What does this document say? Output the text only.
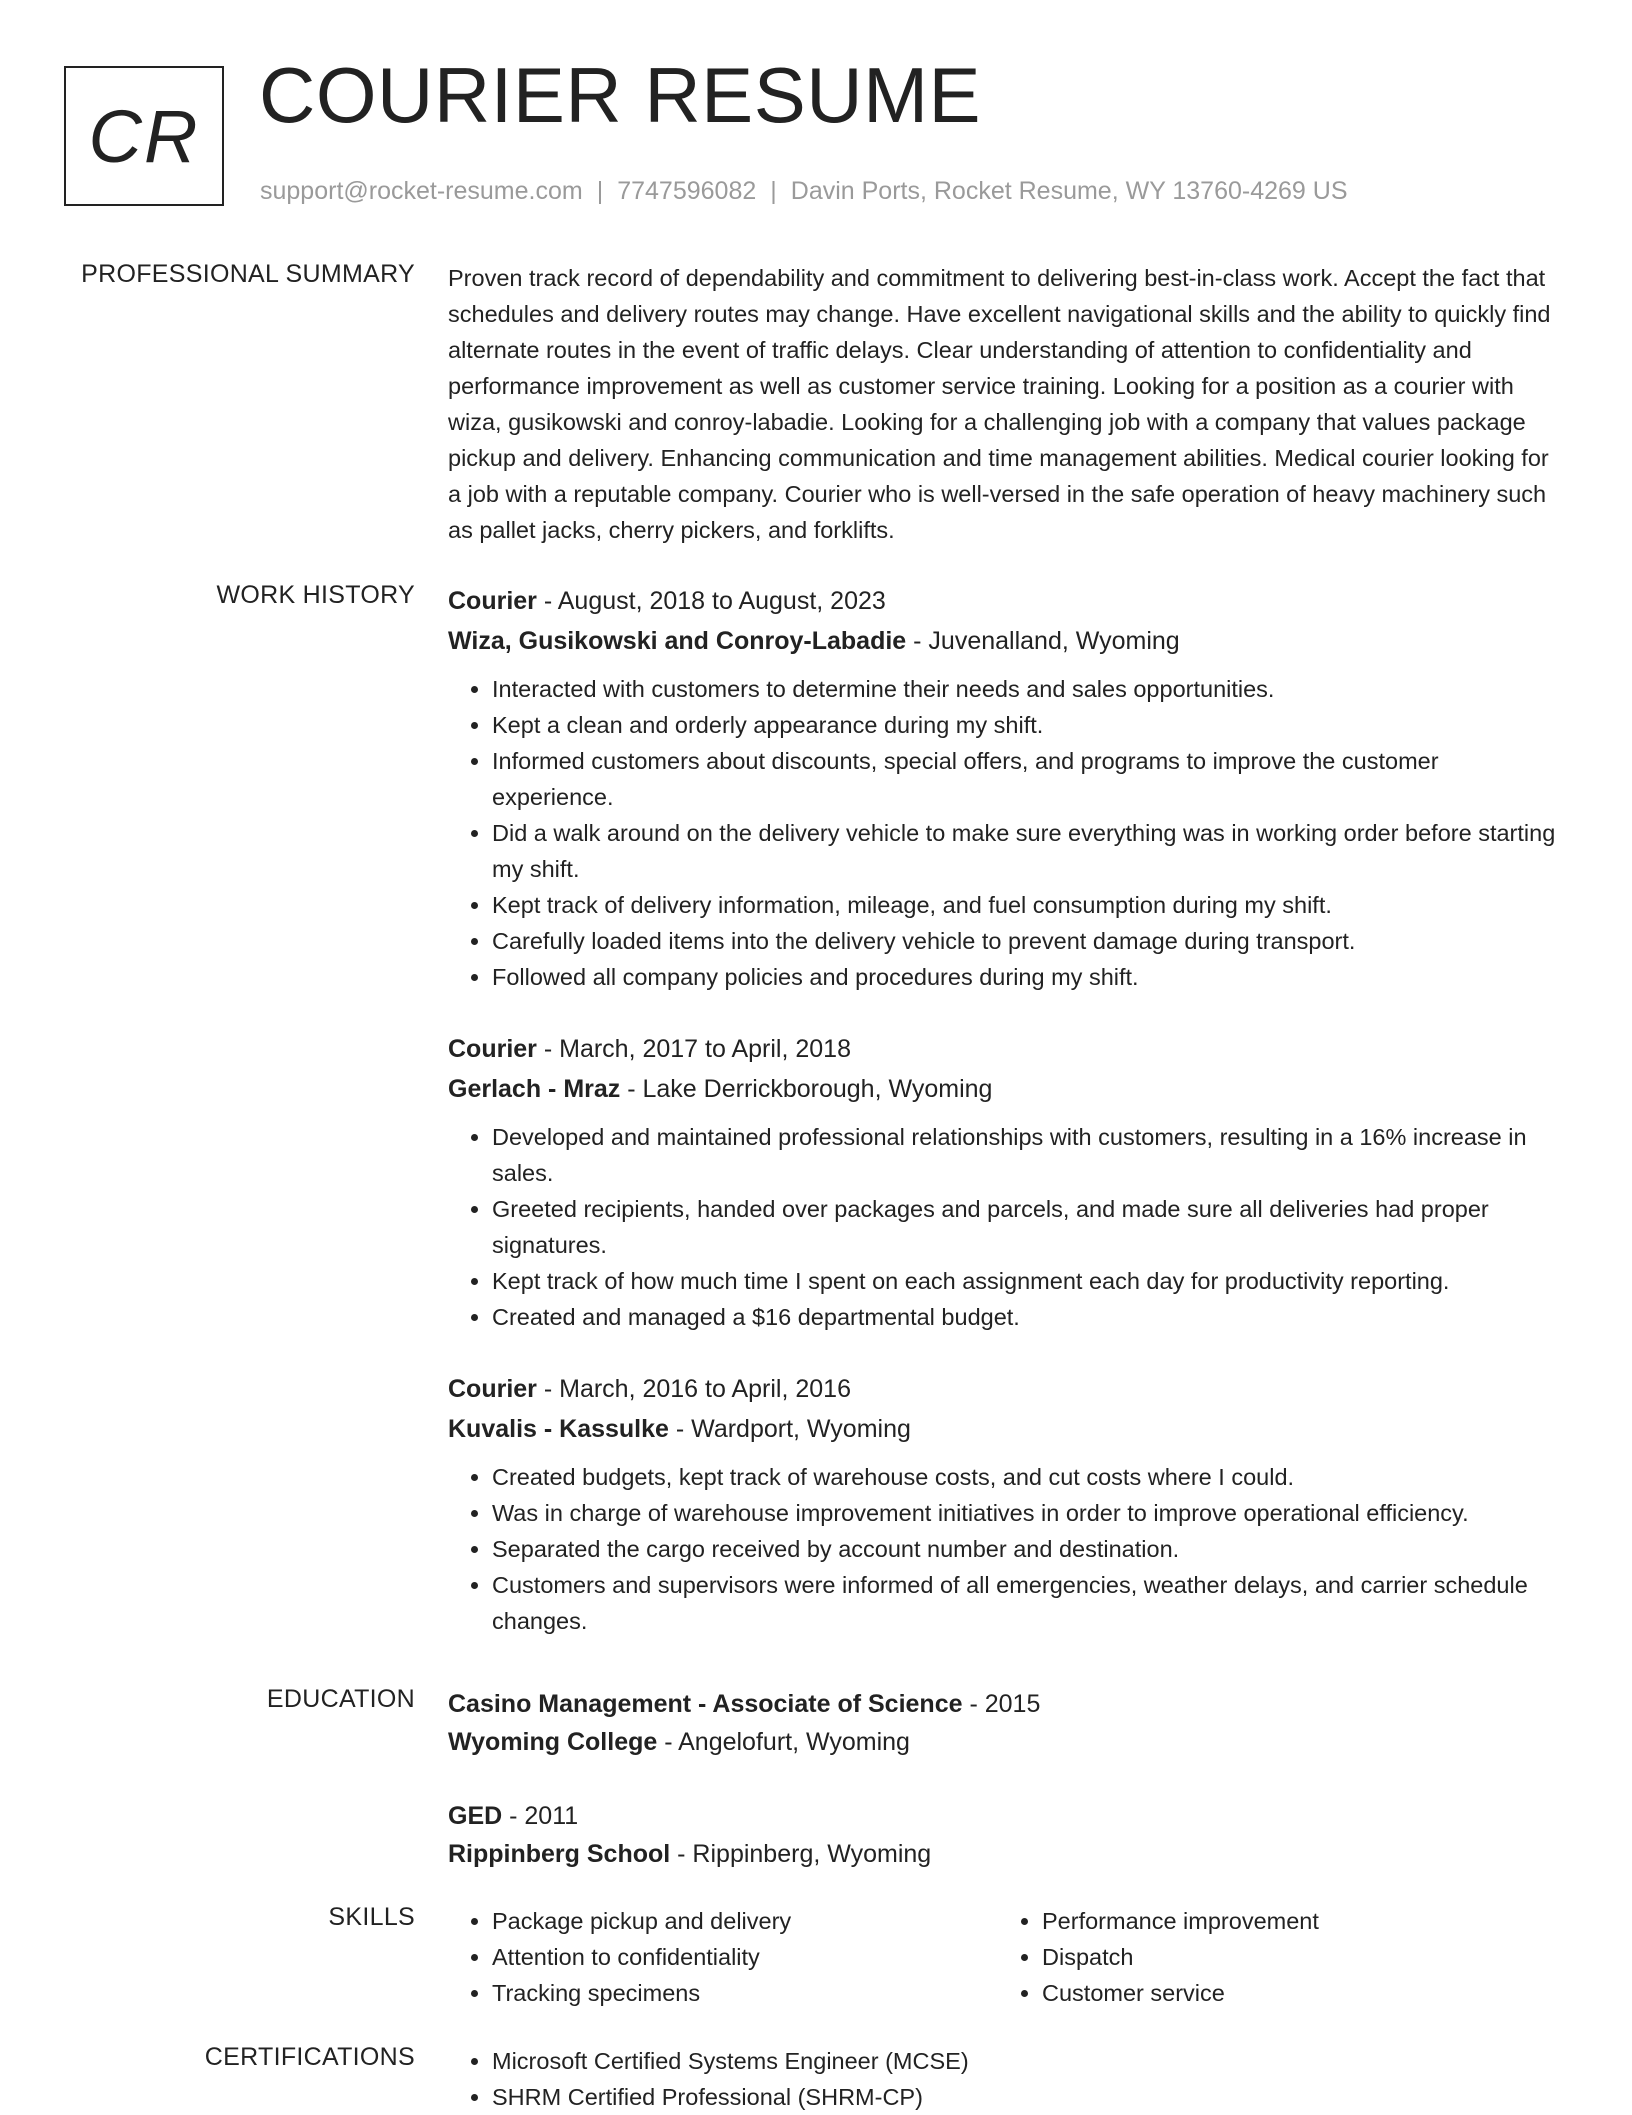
CR COURIER RESUME
support@rocket-resume.com | 7747596082 | Davin Ports, Rocket Resume, WY 13760-4269 US
PROFESSIONAL SUMMARY Proven track record of dependability and commitment to delivering best-in-class work. Accept the fact that schedules and delivery routes may change. Have excellent navigational skills and the ability to quickly find alternate routes in the event of traffic delays. Clear understanding of attention to confidentiality and performance improvement as well as customer service training. Looking for a position as a courier with wiza, gusikowski and conroy-labadie. Looking for a challenging job with a company that values package pickup and delivery. Enhancing communication and time management abilities. Medical courier looking for a job with a reputable company. Courier who is well-versed in the safe operation of heavy machinery such as pallet jacks, cherry pickers, and forklifts.
WORK HISTORY Courier - August, 2018 to August, 2023
Wiza, Gusikowski and Conroy-Labadie - Juvenalland, Wyoming
• Interacted with customers to determine their needs and sales opportunities.
• Kept a clean and orderly appearance during my shift.
• Informed customers about discounts, special offers, and programs to improve the customer experience.
• Did a walk around on the delivery vehicle to make sure everything was in working order before starting my shift.
• Kept track of delivery information, mileage, and fuel consumption during my shift.
• Carefully loaded items into the delivery vehicle to prevent damage during transport.
• Followed all company policies and procedures during my shift.
Courier - March, 2017 to April, 2018
Gerlach - Mraz - Lake Derrickborough, Wyoming
• Developed and maintained professional relationships with customers, resulting in a 16% increase in sales.
• Greeted recipients, handed over packages and parcels, and made sure all deliveries had proper signatures.
• Kept track of how much time I spent on each assignment each day for productivity reporting.
• Created and managed a $16 departmental budget.
Courier - March, 2016 to April, 2016
Kuvalis - Kassulke - Wardport, Wyoming
• Created budgets, kept track of warehouse costs, and cut costs where I could.
• Was in charge of warehouse improvement initiatives in order to improve operational efficiency.
• Separated the cargo received by account number and destination.
• Customers and supervisors were informed of all emergencies, weather delays, and carrier schedule changes.
EDUCATION Casino Management - Associate of Science - 2015
Wyoming College - Angelofurt, Wyoming
GED - 2011
Rippinberg School - Rippinberg, Wyoming
SKILLS	• Package pickup and delivery
• Attention to confidentiality
• Tracking specimens
• Performance improvement
• Dispatch
• Customer service
CERTIFICATIONS	• Microsoft Certified Systems Engineer (MCSE)
• SHRM Certified Professional (SHRM-CP)
